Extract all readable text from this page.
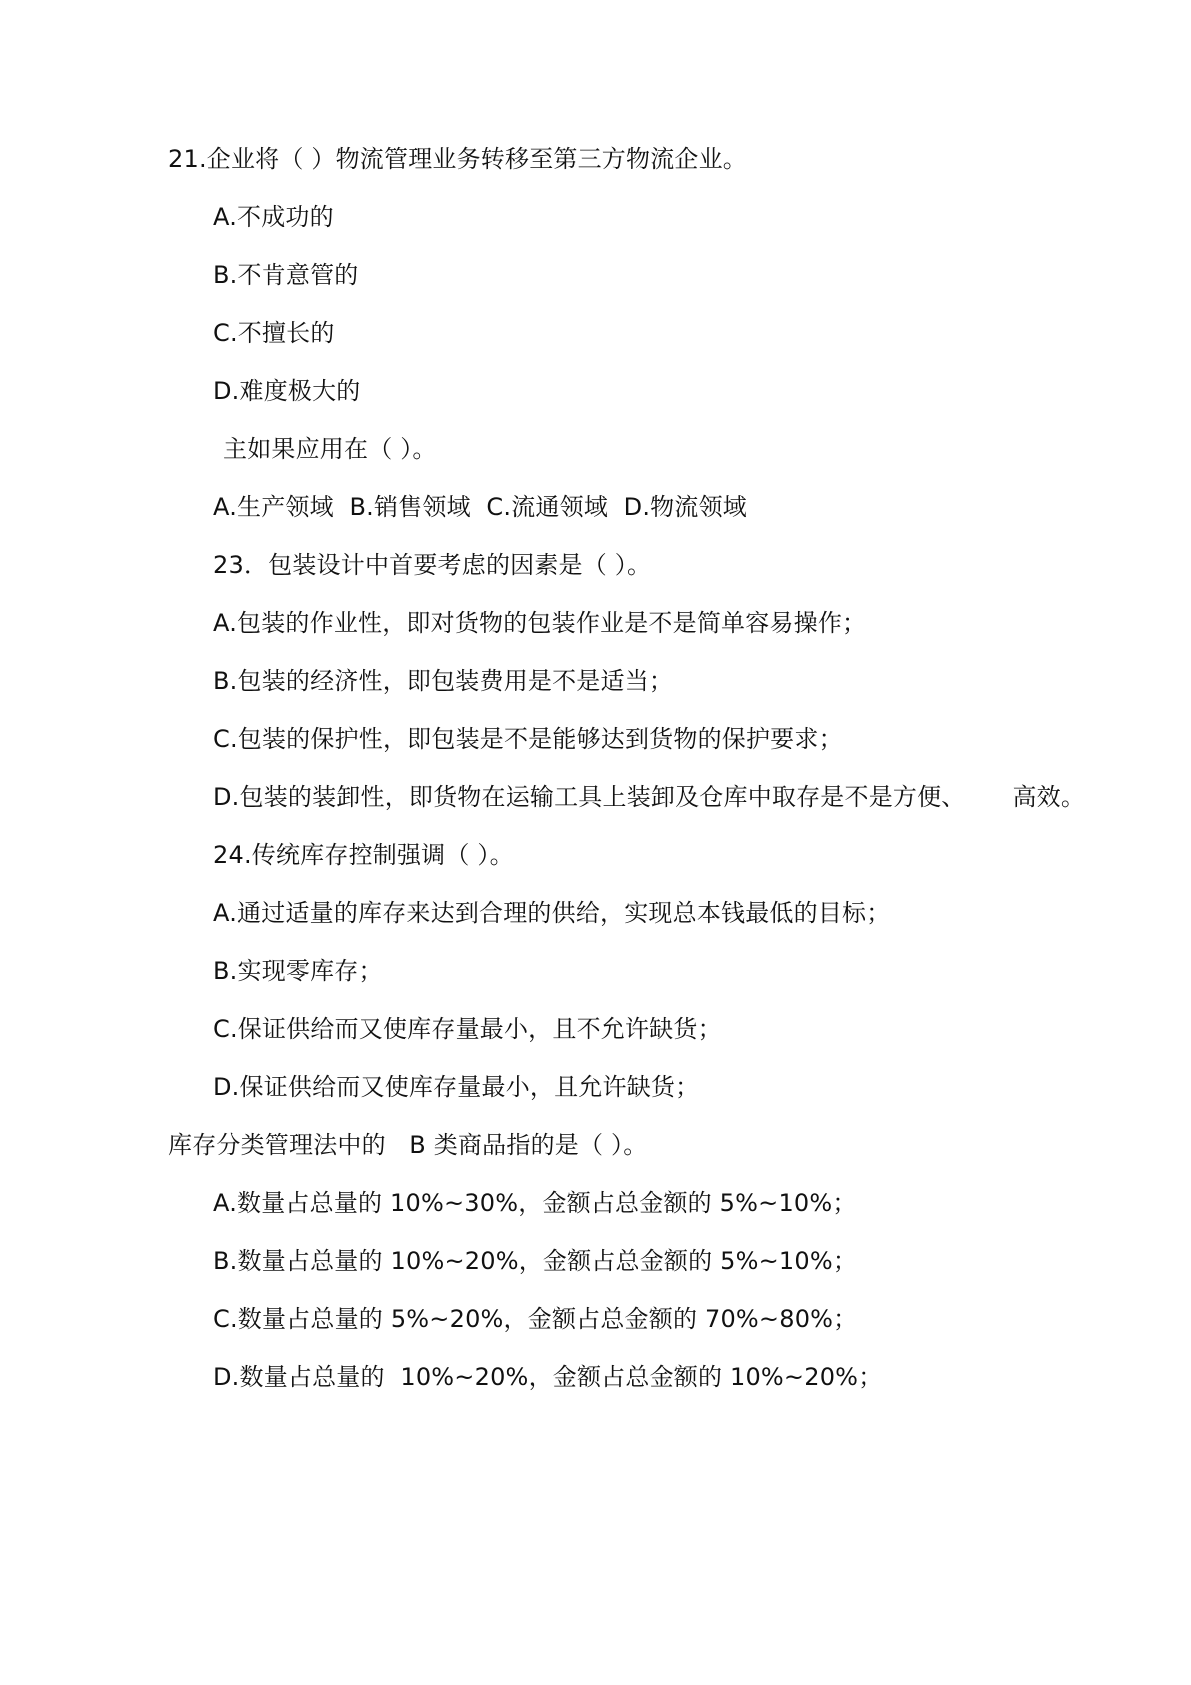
21.企业将（ ）物流管理业务转移至第三方物流企业。
A.不成功的
B.不肯意管的
C.不擅长的
D.难度极大的
主如果应用在（ ）。
A.生产领域  B.销售领域  C.流通领域  D.物流领域
23．包装设计中首要考虑的因素是（ ）。
A.包装的作业性，即对货物的包装作业是不是简单容易操作；
B.包装的经济性，即包装费用是不是适当；
C.包装的保护性，即包装是不是能够达到货物的保护要求；
D.包装的装卸性，即货物在运输工具上装卸及仓库中取存是不是方便、      高效。
24.传统库存控制强调（ ）。
A.通过适量的库存来达到合理的供给，实现总本钱最低的目标；
B.实现零库存；
C.保证供给而又使库存量最小，且不允许缺货；
D.保证供给而又使库存量最小，且允许缺货；
库存分类管理法中的   B 类商品指的是（ ）。
A.数量占总量的 10%~30%，金额占总金额的 5%~10%；
B.数量占总量的 10%~20%，金额占总金额的 5%~10%；
C.数量占总量的 5%~20%，金额占总金额的 70%~80%；
D.数量占总量的  10%~20%，金额占总金额的 10%~20%；
